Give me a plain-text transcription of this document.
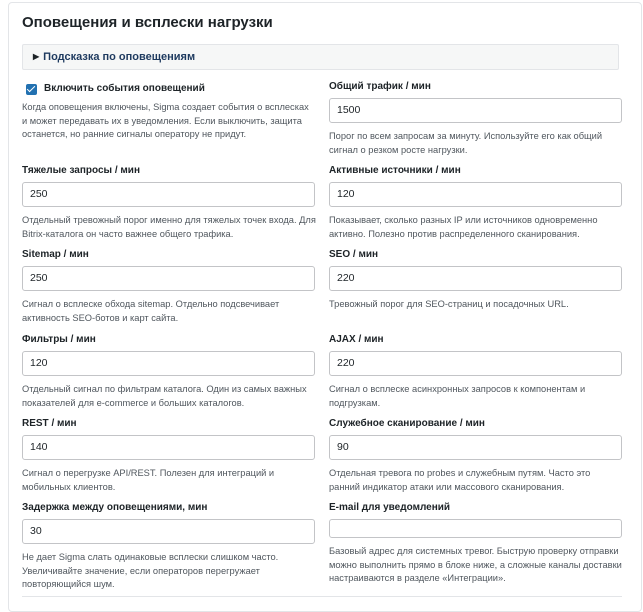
Оповещения и всплески нагрузки
▶ Подсказка по оповещениям
Включить события оповещений
Когда оповещения включены, Sigma создает события о всплесках и может передавать их в уведомления. Если выключить, защита останется, но ранние сигналы оператору не придут.
Общий трафик / мин
1500
Порог по всем запросам за минуту. Используйте его как общий сигнал о резком росте нагрузки.
Тяжелые запросы / мин
250
Отдельный тревожный порог именно для тяжелых точек входа. Для Bitrix-каталога он часто важнее общего трафика.
Активные источники / мин
120
Показывает, сколько разных IP или источников одновременно активно. Полезно против распределенного сканирования.
Sitemap / мин
250
Сигнал о всплеске обхода sitemap. Отдельно подсвечивает активность SEO-ботов и карт сайта.
SEO / мин
220
Тревожный порог для SEO-страниц и посадочных URL.
Фильтры / мин
120
Отдельный сигнал по фильтрам каталога. Один из самых важных показателей для e-commerce и больших каталогов.
AJAX / мин
220
Сигнал о всплеске асинхронных запросов к компонентам и подгрузкам.
REST / мин
140
Сигнал о перегрузке API/REST. Полезен для интеграций и мобильных клиентов.
Служебное сканирование / мин
90
Отдельная тревога по probes и служебным путям. Часто это ранний индикатор атаки или массового сканирования.
Задержка между оповещениями, мин
30
Не дает Sigma слать одинаковые всплески слишком часто. Увеличивайте значение, если операторов перегружает повторяющийся шум.
E-mail для уведомлений
Базовый адрес для системных тревог. Быструю проверку отправки можно выполнить прямо в блоке ниже, а сложные каналы доставки настраиваются в разделе «Интеграции».
